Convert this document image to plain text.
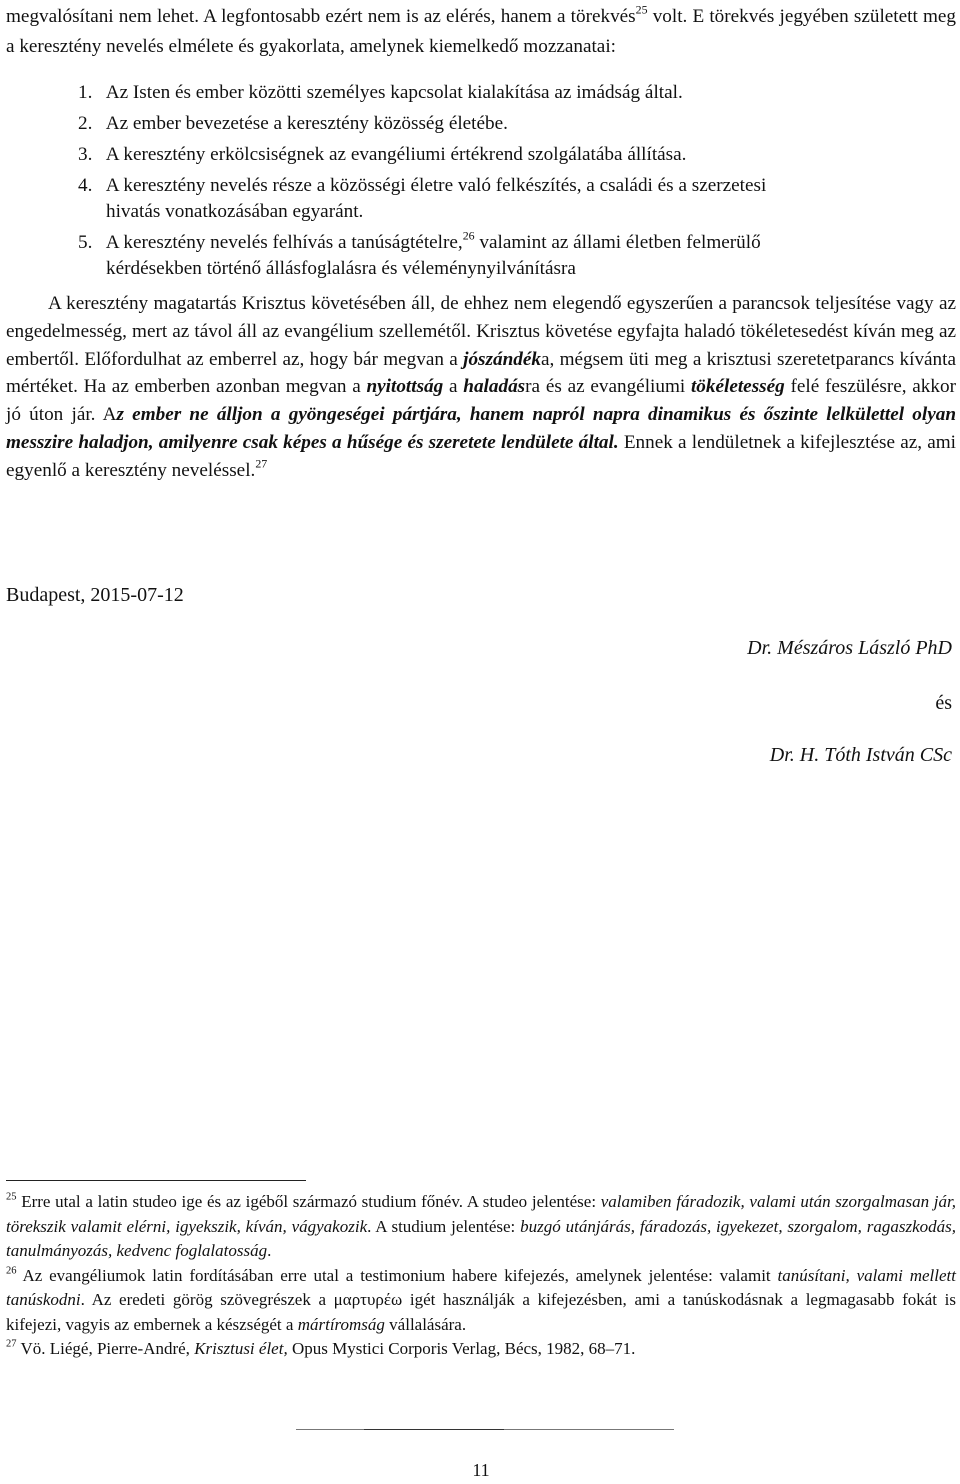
megvalósítani nem lehet. A legfontosabb ezért nem is az elérés, hanem a törekvés$^{25}$ volt. E törekvés jegyében született meg a keresztény nevelés elmélete és gyakorlata, amelynek kiemelkedő mozzanatai:

1. Az Isten és ember közötti személyes kapcsolat kialakítása az imádság által.
2. Az ember bevezetése a keresztény közösség életébe.
3. A keresztény erkölcsiségnek az evangéliumi értékrend szolgálatába állítása.
4. A keresztény nevelés része a közösségi életre való felkészítés, a családi és a szerzetesi
hivatás vonatkozásában egyaránt.
5. A keresztény nevelés felhívás a tanúságtételre,$^{26}$ valamint az állami életben felmerülő
kérdésekben történő állásfoglalásra és véleménynyilvánításra

A keresztény magatartás Krisztus követésében áll, de ehhez nem elegendő egyszerűen a parancsok teljesítése vagy az engedelmesség, mert az távol áll az evangélium szellemétől. Krisztus követése egyfajta haladó tökéletesedést kíván meg az embertől. Előfordulhat az emberrel az, hogy bár megvan a jószándéka, mégsem üti meg a krisztusi szeretetparancs kívánta mértéket. Ha az emberben azonban megvan a nyitottság a haladásra és az evangéliumi tökéletesség felé feszülésre, akkor jó úton jár. Az ember ne álljon a gyöngeségei pártjára, hanem napról napra dinamikus és őszinte lelkülettel olyan messzire haladjon, amilyenre csak képes a hűsége és szeretete lendülete által. Ennek a lendületnek a kifejlesztése az, ami egyenlő a keresztény neveléssel.$^{27}$

Budapest, 2015-07-12
Dr. Mészáros László PhD
és
Dr. H. Tóth István CSc

$^{25}$ Erre utal a latin studeo ige és az igéből származó studium főnév. A studeo jelentése: valamiben fáradozik, valami után szorgalmasan jár, törekszik valamit elérni, igyekszik, kíván, vágyakozik. A studium jelentése: buzgó utánjárás, fáradozás, igyekezet, szorgalom, ragaszkodás, tanulmányozás, kedvenc foglalatosság.

$^{26}$ Az evangéliumok latin fordításában erre utal a testimonium habere kifejezés, amelynek jelentése: valamit tanúsítani, valami mellett tanúskodni. Az eredeti görög szövegrészek a μαρτυρέω igét használják a kifejezésben, ami a tanúskodásnak a legmagasabb fokát is kifejezi, vagyis az embernek a készségét a mártíromság vállalására.

$^{27}$ Vö. Liégé, Pierre-André, Krisztusi élet, Opus Mystici Corporis Verlag, Bécs, 1982, 68–71.

11
